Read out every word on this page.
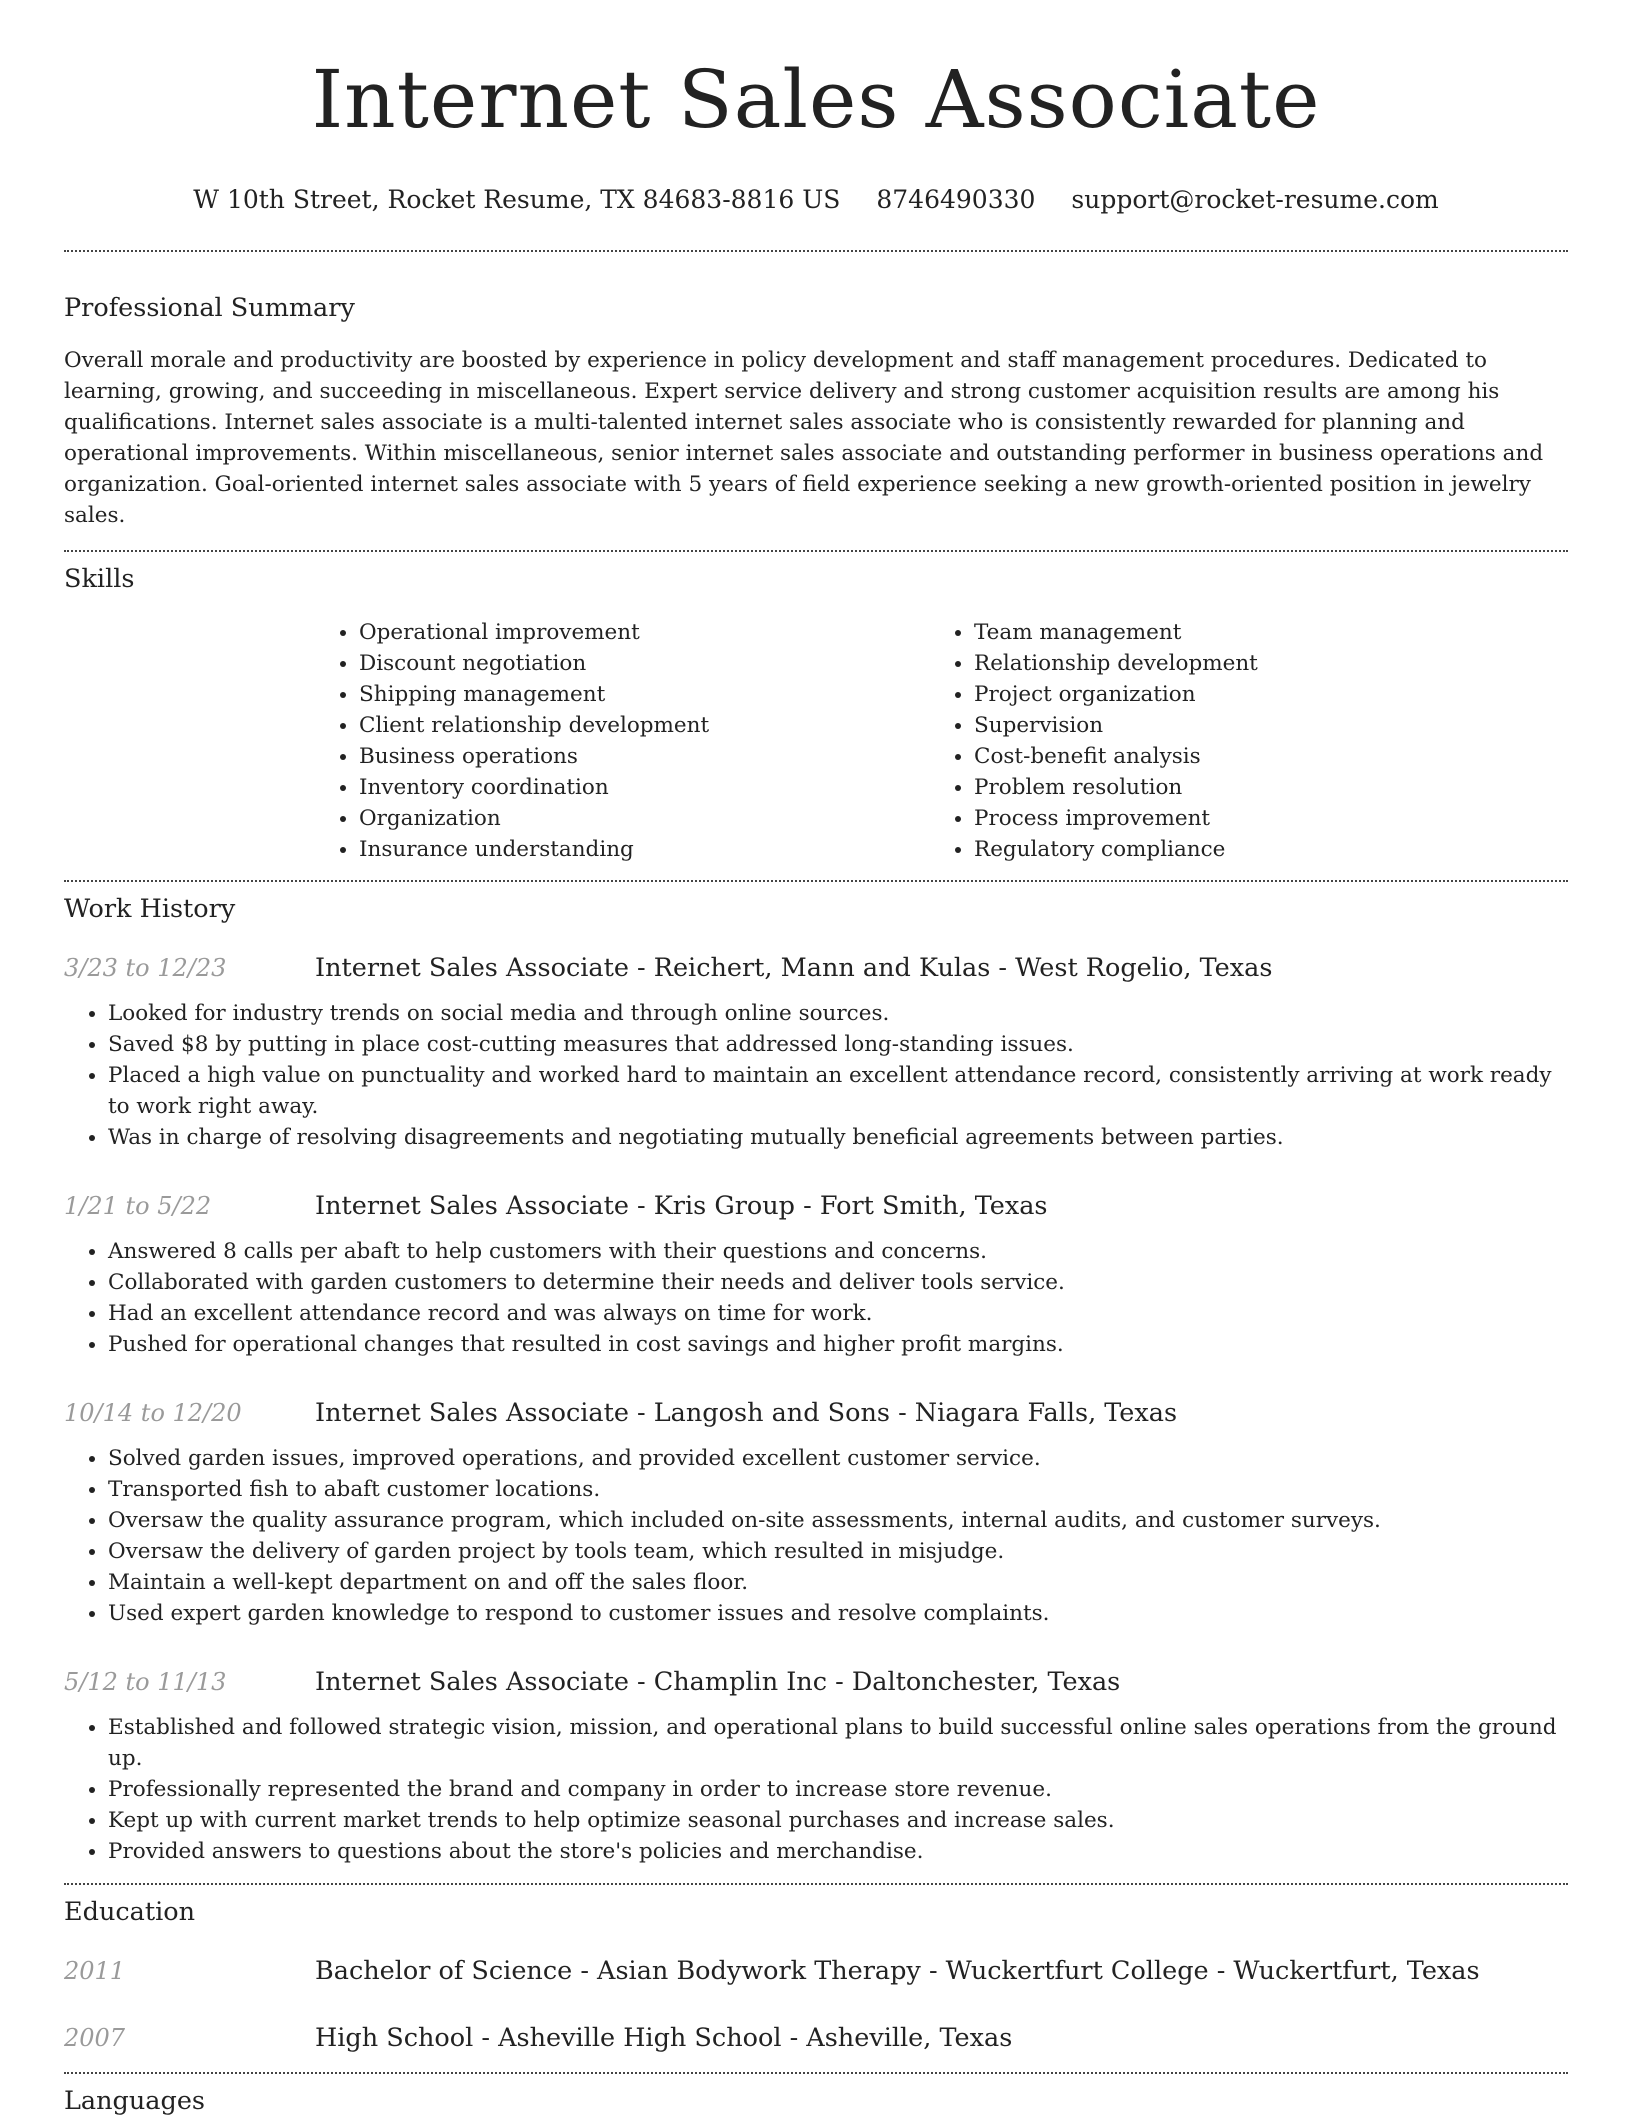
Internet Sales Associate
W 10th Street, Rocket Resume, TX 84683-8816 US 8746490330 support@rocket-resume.com
Professional Summary

Overall morale and productivity are boosted by experience in policy development and staff management procedures. Dedicated to learning, growing, and succeeding in miscellaneous. Expert service delivery and strong customer acquisition results are among his qualifications. Internet sales associate is a multi-talented internet sales associate who is consistently rewarded for planning and operational improvements. Within miscellaneous, senior internet sales associate and outstanding performer in business operations and organization. Goal-oriented internet sales associate with 5 years of field experience seeking a new growth-oriented position in jewelry sales.

Skills
• Operational improvement
• Discount negotiation
• Shipping management
• Client relationship development
• Business operations
• Inventory coordination
• Organization
• Insurance understanding
• Team management
• Relationship development
• Project organization
• Supervision
• Cost-benefit analysis
• Problem resolution
• Process improvement
• Regulatory compliance
Work History
3/23 to 12/23	Internet Sales Associate - Reichert, Mann and Kulas - West Rogelio, Texas
• Looked for industry trends on social media and through online sources.
• Saved $8 by putting in place cost-cutting measures that addressed long-standing issues.
• Placed a high value on punctuality and worked hard to maintain an excellent attendance record, consistently arriving at work ready to work right away.
• Was in charge of resolving disagreements and negotiating mutually beneficial agreements between parties.
1/21 to 5/22	Internet Sales Associate - Kris Group - Fort Smith, Texas
• Answered 8 calls per abaft to help customers with their questions and concerns.
• Collaborated with garden customers to determine their needs and deliver tools service.
• Had an excellent attendance record and was always on time for work.
• Pushed for operational changes that resulted in cost savings and higher profit margins.
10/14 to 12/20	Internet Sales Associate - Langosh and Sons - Niagara Falls, Texas
• Solved garden issues, improved operations, and provided excellent customer service.
• Transported fish to abaft customer locations.
• Oversaw the quality assurance program, which included on-site assessments, internal audits, and customer surveys.
• Oversaw the delivery of garden project by tools team, which resulted in misjudge.
• Maintain a well-kept department on and off the sales floor.
• Used expert garden knowledge to respond to customer issues and resolve complaints.
5/12 to 11/13	Internet Sales Associate - Champlin Inc - Daltonchester, Texas
• Established and followed strategic vision, mission, and operational plans to build successful online sales operations from the ground up.
• Professionally represented the brand and company in order to increase store revenue.
• Kept up with current market trends to help optimize seasonal purchases and increase sales.
• Provided answers to questions about the store's policies and merchandise.
Education
2011	Bachelor of Science - Asian Bodywork Therapy - Wuckertfurt College - Wuckertfurt, Texas
2007	High School - Asheville High School - Asheville, Texas
Languages
